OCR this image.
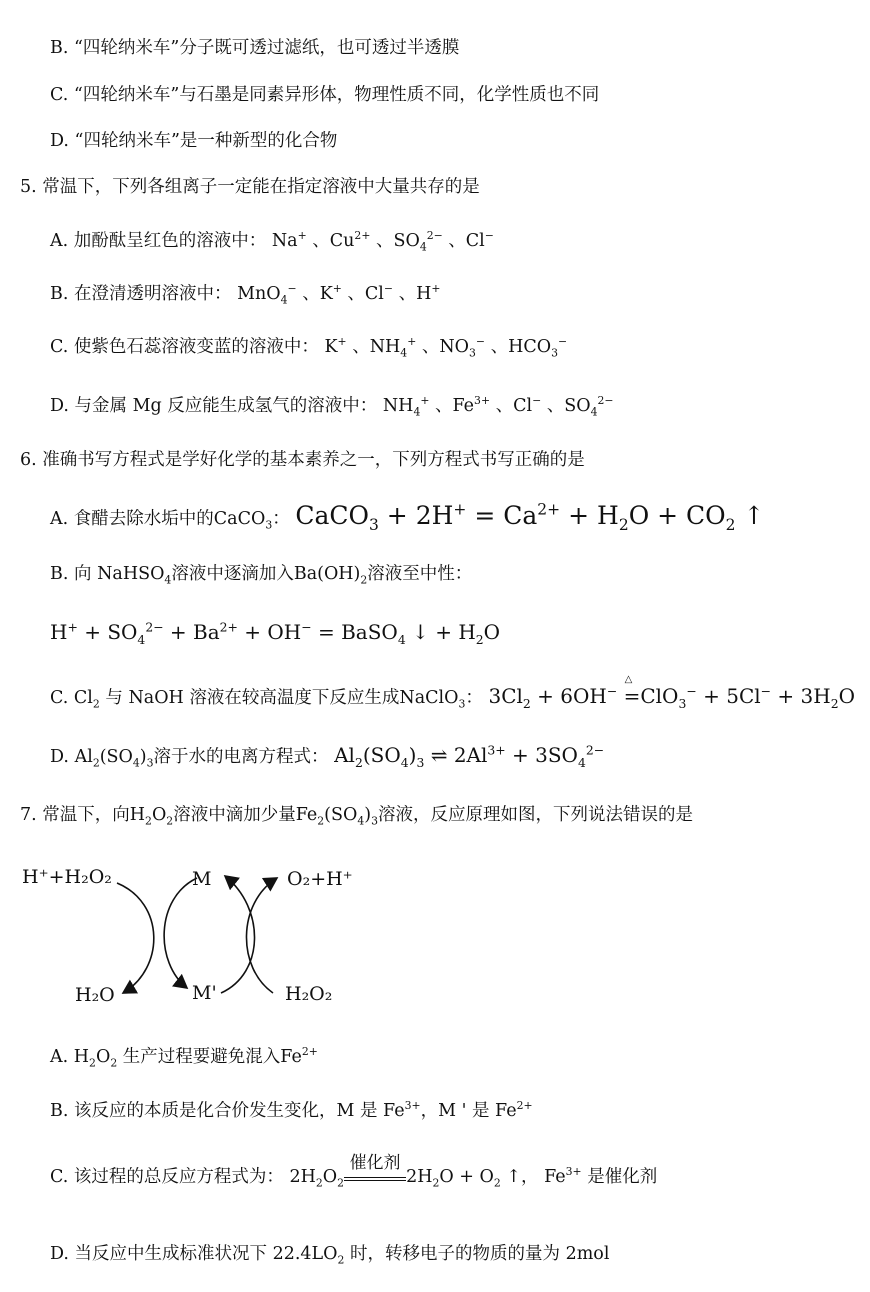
B. “四轮纳米车”分子既可透过滤纸，也可透过半透膜
C. “四轮纳米车”与石墨是同素异形体，物理性质不同，化学性质也不同
D. “四轮纳米车”是一种新型的化合物
5. 常温下，下列各组离子一定能在指定溶液中大量共存的是
A. 加酚酞呈红色的溶液中： Na+ 、$Cu^{2+}$ 、$SO_4^{2-}$ 、Cl−
B. 在澄清透明溶液中： MnO$_4$− 、K+ 、Cl− 、H+
C. 使紫色石蕊溶液变蓝的溶液中： K+ 、$NH_4^+$ 、$NO_3^-$ 、$HCO_3^-$
D. 与金属 Mg 反应能生成氢气的溶液中： $NH_4^+$ 、$Fe^{3+}$ 、Cl− 、$SO_4^{2-}$
6. 准确书写方程式是学好化学的基本素养之一，下列方程式书写正确的是
A. 食醋去除水垢中的CaCO$_3$： CaCO$_3$ + $2H^+ = Ca^{2+} + H_2O + CO_2$ ↑
B. 向 NaHSO$_4$溶液中逐滴加入$Ba(OH)_2$溶液至中性：
$H^+ + SO_4^{2-} + Ba^{2+} + OH^-$ = BaSO$_4$ ↓ + $H_2O$
C. $Cl_2$ 与 NaOH 溶液在较高温度下反应生成NaClO$_3$： $3Cl_2 + 6OH^-$
△
$=ClO_3^- + 5Cl^- + 3H_2O$
D. $Al_2(SO_4)_3$溶于水的电离方程式： $Al_2(SO_4)_3$ ⇌ $2Al^{3+} + 3SO_4^{2-}$
7. 常温下，向$H_2O_2$溶液中滴加少量$Fe_2(SO_4)_3$溶液，反应原理如图，下列说法错误的是
H⁺+H₂O₂	M	O₂+H⁺
H₂O	M'	H₂O₂
A. $H_2O_2$ 生产过程要避免混入$Fe^{2+}$
B. 该反应的本质是化合价发生变化，M 是 $Fe^{3+}$，M ' 是 $Fe^{2+}$
C. 该过程的总反应方程式为： $2H_2O_2$
催化剂
$2H_2O + O_2$ ↑， $Fe^{3+}$ 是催化剂
D. 当反应中生成标准状况下 $22.4LO_2$ 时，转移电子的物质的量为 2mol
